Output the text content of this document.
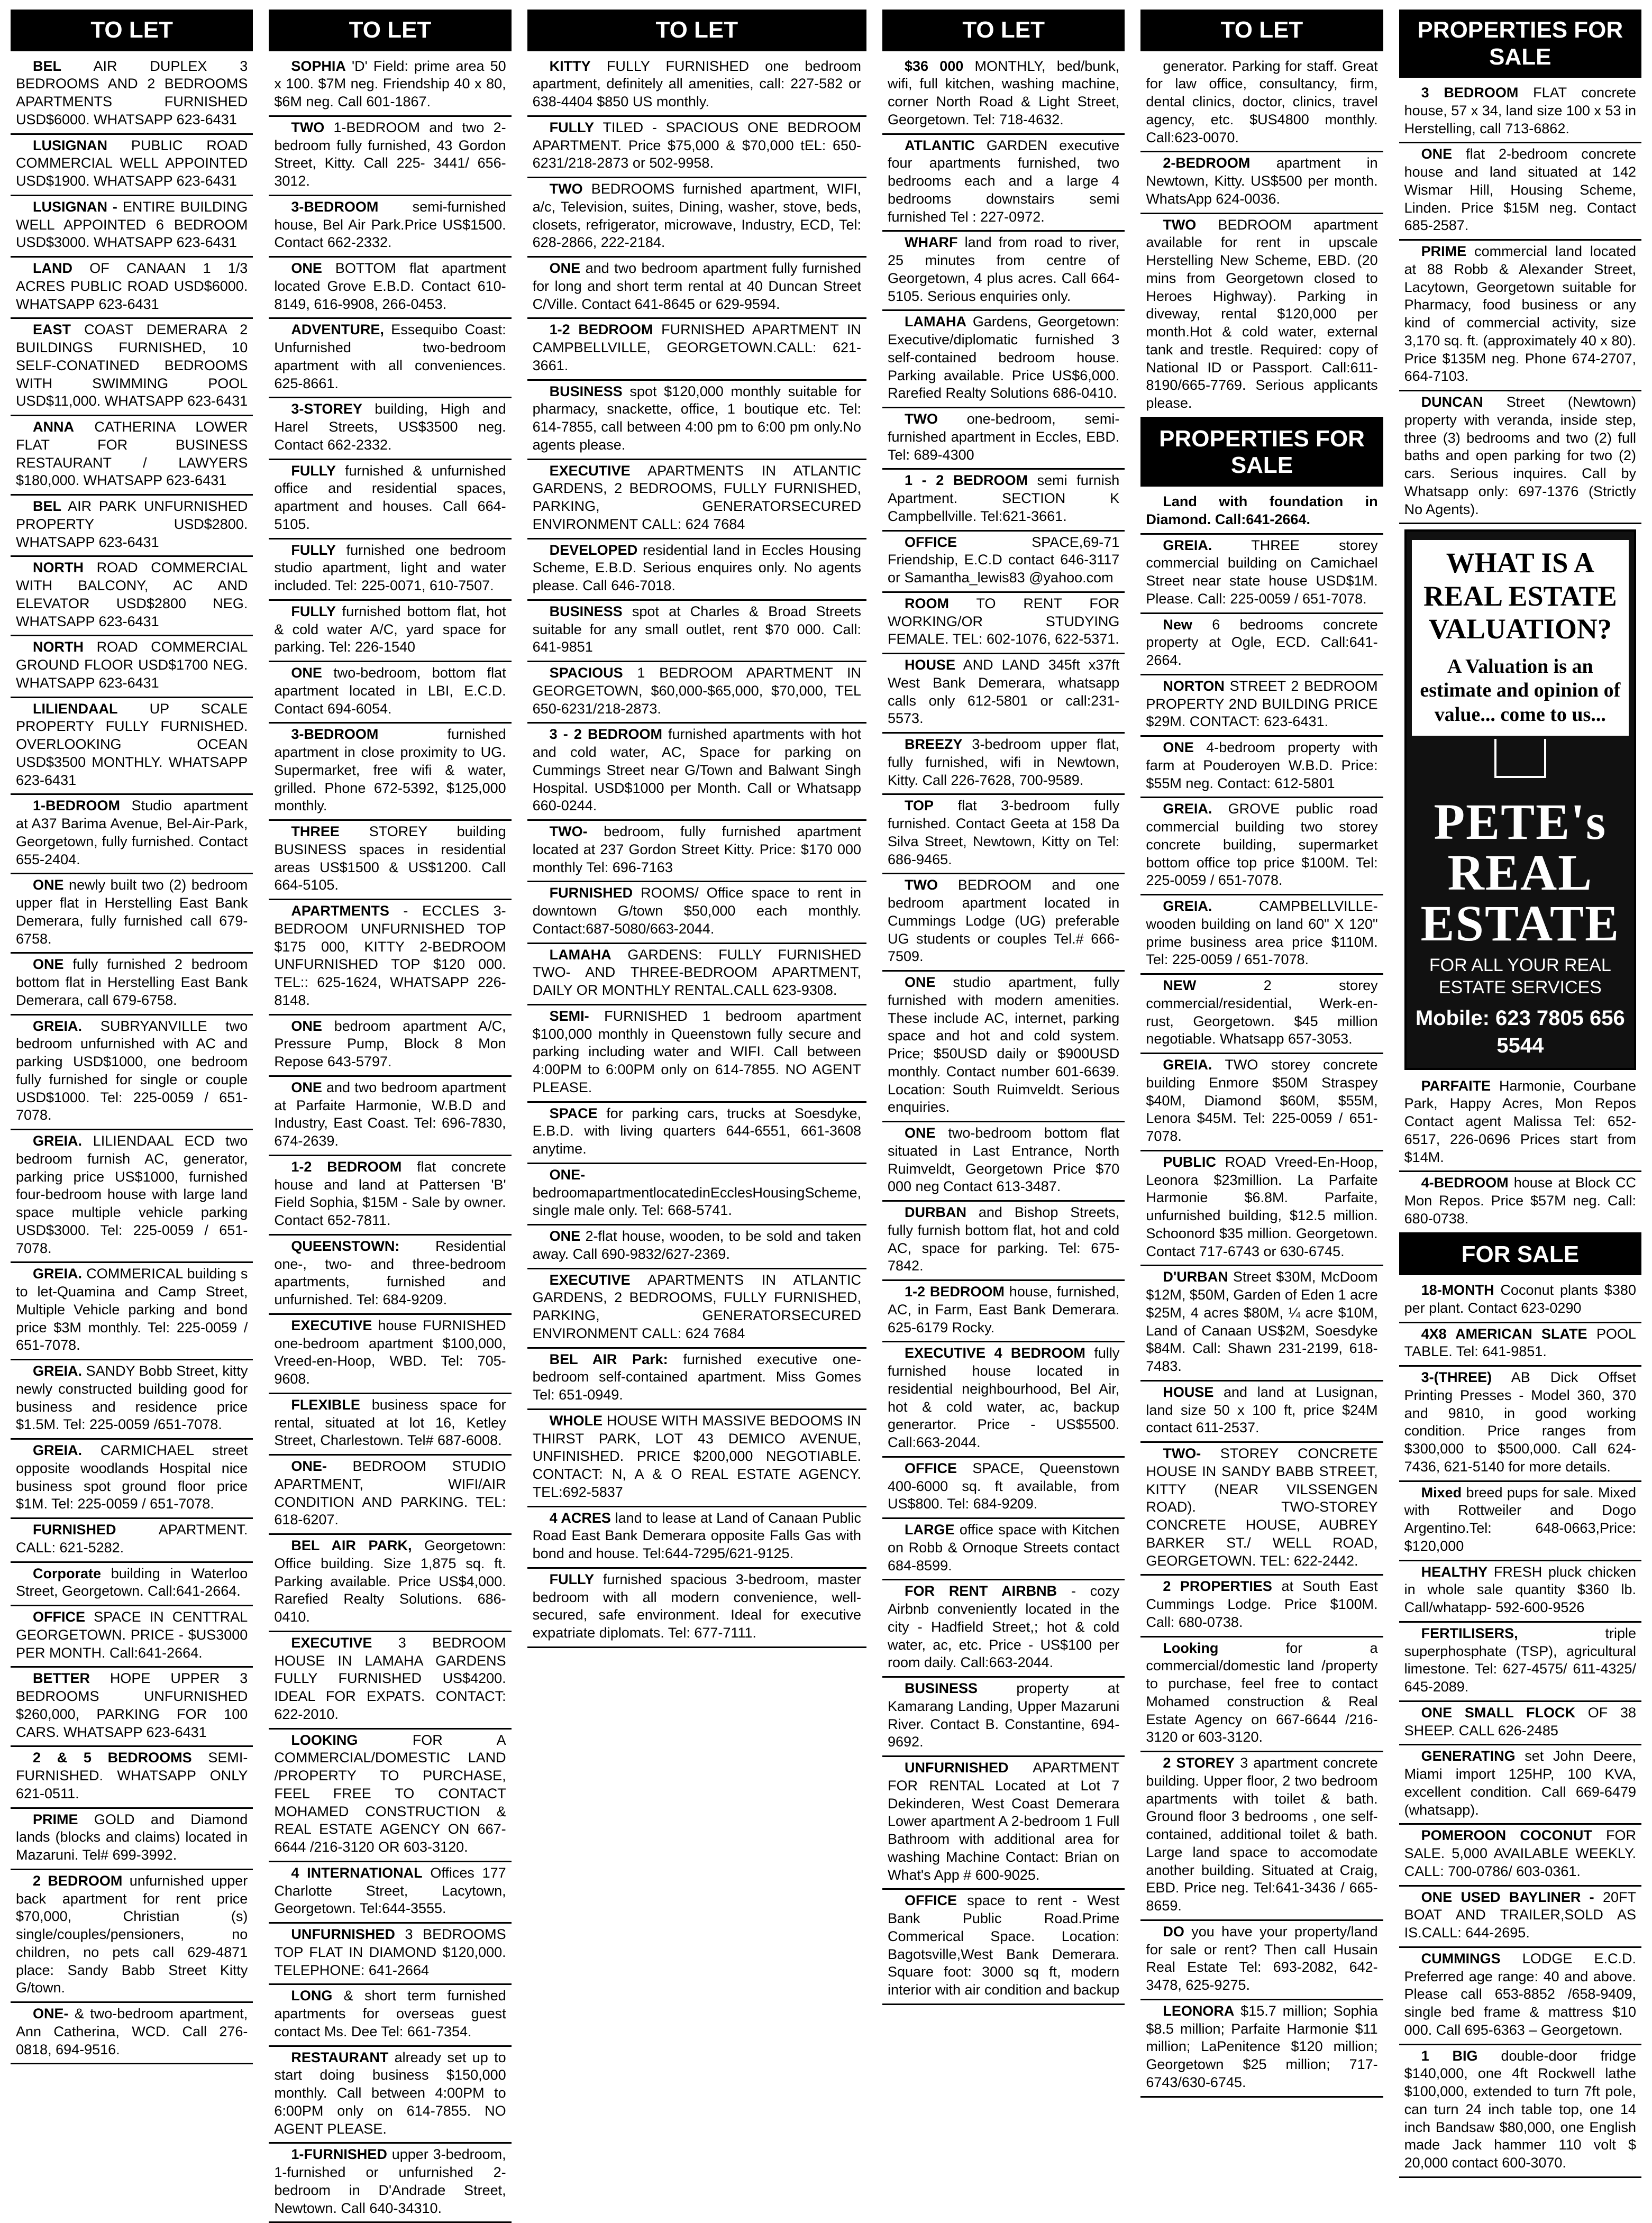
TO LET
BEL AIR DUPLEX 3 BEDROOMS AND 2 BEDROOMS APARTMENTS FURNISHED USD$6000. WHATSAPP 623-6431
LUSIGNAN PUBLIC ROAD COMMERCIAL WELL APPOINTED USD$1900. WHATSAPP 623-6431
LUSIGNAN - ENTIRE BUILDING WELL APPOINTED 6 BEDROOM USD$3000. WHATSAPP 623-6431
LAND OF CANAAN 1 1/3 ACRES PUBLIC ROAD USD$6000. WHATSAPP 623-6431
EAST COAST DEMERARA 2 BUILDINGS FURNISHED, 10 SELF-CONATINED BEDROOMS WITH SWIMMING POOL USD$11,000. WHATSAPP 623-6431
ANNA CATHERINA LOWER FLAT FOR BUSINESS RESTAURANT / LAWYERS $180,000. WHATSAPP 623-6431
BEL AIR PARK UNFURNISHED PROPERTY USD$2800. WHATSAPP 623-6431
NORTH ROAD COMMERCIAL WITH BALCONY, AC AND ELEVATOR USD$2800 NEG. WHATSAPP 623-6431
NORTH ROAD COMMERCIAL GROUND FLOOR USD$1700 NEG. WHATSAPP 623-6431
LILIENDAAL UP SCALE PROPERTY FULLY FURNISHED. OVERLOOKING OCEAN USD$3500 MONTHLY. WHATSAPP 623-6431
1-BEDROOM Studio apartment at A37 Barima Avenue, Bel-Air-Park, Georgetown, fully furnished. Contact 655-2404.
ONE newly built two (2) bedroom upper flat in Herstelling East Bank Demerara, fully furnished call 679-6758.
ONE fully furnished 2 bedroom bottom flat in Herstelling East Bank Demerara, call 679-6758.
GREIA. SUBRYANVILLE two bedroom unfurnished with AC and parking USD$1000, one bedroom fully furnished for single or couple USD$1000. Tel: 225-0059 / 651-7078.
GREIA. LILIENDAAL ECD two bedroom furnish AC, generator, parking price US$1000, furnished four-bedroom house with large land space multiple vehicle parking USD$3000. Tel: 225-0059 / 651-7078.
GREIA. COMMERICAL building s to let-Quamina and Camp Street, Multiple Vehicle parking and bond price $3M monthly. Tel: 225-0059 / 651-7078.
GREIA. SANDY Bobb Street, kitty newly constructed building good for business and residence price $1.5M. Tel: 225-0059 /651-7078.
GREIA. CARMICHAEL street opposite woodlands Hospital nice business spot ground floor price $1M. Tel: 225-0059 / 651-7078.
FURNISHED	APARTMENT. CALL: 621-5282.
Corporate building in Waterloo Street, Georgetown. Call:641-2664.
OFFICE SPACE IN CENTTRAL GEORGETOWN. PRICE - $US3000 PER MONTH. Call:641-2664.
BETTER HOPE UPPER 3 BEDROOMS UNFURNISHED $260,000, PARKING FOR 100 CARS. WHATSAPP 623-6431
2 & 5 BEDROOMS SEMI-FURNISHED. WHATSAPP ONLY 621-0511.
PRIME GOLD and Diamond lands (blocks and claims) located in Mazaruni. Tel# 699-3992.
2 BEDROOM unfurnished upper back apartment for rent price $70,000, Christian (s) single/couples/pensioners, no children, no pets call 629-4871 place: Sandy Babb Street Kitty G/town.
ONE- & two-bedroom apartment, Ann Catherina, WCD. Call 276-0818, 694-9516.
TO LET
SOPHIA 'D' Field: prime area 50 x 100. $7M neg. Friendship 40 x 80, $6M neg. Call 601-1867.
TWO 1-BEDROOM and two 2-bedroom fully furnished, 43 Gordon Street, Kitty. Call 225- 3441/ 656-3012.
3-BEDROOM semi-furnished house, Bel Air Park.Price US$1500. Contact 662-2332.
ONE BOTTOM flat apartment located Grove E.B.D. Contact 610-8149, 616-9908, 266-0453.
ADVENTURE, Essequibo Coast: Unfurnished two-bedroom apartment with all conveniences. 625-8661.
3-STOREY building, High and Harel Streets, US$3500 neg. Contact 662-2332.
FULLY furnished & unfurnished office and residential spaces, apartment and houses. Call 664-5105.
FULLY furnished one bedroom studio apartment, light and water included. Tel: 225-0071, 610-7507.
FULLY furnished bottom flat, hot & cold water A/C, yard space for parking. Tel: 226-1540
ONE two-bedroom, bottom flat apartment located in LBI, E.C.D. Contact 694-6054.
3-BEDROOM	furnished apartment in close proximity to UG. Supermarket, free wifi & water, grilled. Phone 672-5392, $125,000 monthly.
THREE STOREY building BUSINESS spaces in residential areas US$1500 & US$1200. Call 664-5105.
APARTMENTS - ECCLES 3-BEDROOM UNFURNISHED TOP $175 000, KITTY 2-BEDROOM UNFURNISHED TOP $120 000. TEL:: 625-1624, WHATSAPP 226-8148.
ONE bedroom apartment A/C, Pressure Pump, Block 8 Mon Repose 643-5797.
ONE and two bedroom apartment at Parfaite Harmonie, W.B.D and Industry, East Coast. Tel: 696-7830, 674-2639.
1-2 BEDROOM flat concrete house and land at Pattersen 'B' Field Sophia, $15M - Sale by owner. Contact 652-7811.
QUEENSTOWN:	Residential one-, two- and three-bedroom apartments, furnished and unfurnished. Tel: 684-9209.
EXECUTIVE house FURNISHED one-bedroom apartment $100,000, Vreed-en-Hoop, WBD. Tel: 705-9608.
FLEXIBLE business space for rental, situated at lot 16, Ketley Street, Charlestown. Tel# 687-6008.
ONE- BEDROOM STUDIO APARTMENT, WIFI/AIR CONDITION AND PARKING. TEL: 618-6207.
BEL AIR PARK, Georgetown: Office building. Size 1,875 sq. ft. Parking available. Price US$4,000. Rarefied Realty Solutions. 686-0410.
EXECUTIVE 3 BEDROOM HOUSE IN LAMAHA GARDENS FULLY FURNISHED US$4200. IDEAL FOR EXPATS. CONTACT: 622-2010.
LOOKING	FOR A COMMERCIAL/DOMESTIC LAND /PROPERTY TO PURCHASE, FEEL FREE TO CONTACT MOHAMED CONSTRUCTION & REAL ESTATE AGENCY ON 667-6644 /216-3120 OR 603-3120.
4 INTERNATIONAL Offices 177 Charlotte Street, Lacytown, Georgetown. Tel:644-3555.
UNFURNISHED 3 BEDROOMS TOP FLAT IN DIAMOND $120,000. TELEPHONE: 641-2664
LONG & short term furnished apartments for overseas guest contact Ms. Dee Tel: 661-7354.
RESTAURANT already set up to start doing business $150,000 monthly. Call between 4:00PM to 6:00PM only on 614-7855. NO AGENT PLEASE.
1-FURNISHED upper 3-bedroom, 1-furnished or unfurnished 2-bedroom in D'Andrade Street, Newtown. Call 640-34310.
TO LET
KITTY FULLY FURNISHED one bedroom apartment, definitely all amenities, call: 227-582 or 638-4404 $850 US monthly.
FULLY TILED - SPACIOUS ONE BEDROOM APARTMENT. Price $75,000 & $70,000 tEL: 650-6231/218-2873 or 502-9958.
TWO BEDROOMS furnished apartment, WIFI, a/c, Television, suites, Dining, washer, stove, beds, closets, refrigerator, microwave, Industry, ECD, Tel: 628-2866, 222-2184.
ONE and two bedroom apartment fully furnished for long and short term rental at 40 Duncan Street C/Ville. Contact 641-8645 or 629-9594.
1-2 BEDROOM FURNISHED APARTMENT IN CAMPBELLVILLE, GEORGETOWN.CALL: 621-3661.
BUSINESS spot $120,000 monthly suitable for pharmacy, snackette, office, 1 boutique etc. Tel: 614-7855, call between 4:00 pm to 6:00 pm only.No agents please.
EXECUTIVE APARTMENTS IN ATLANTIC GARDENS, 2 BEDROOMS, FULLY FURNISHED, PARKING, GENERATORSECURED ENVIRONMENT CALL: 624 7684
DEVELOPED residential land in Eccles Housing Scheme, E.B.D. Serious enquires only. No agents please. Call 646-7018.
BUSINESS spot at Charles & Broad Streets suitable for any small outlet, rent $70 000. Call: 641-9851
SPACIOUS 1 BEDROOM APARTMENT IN GEORGETOWN, $60,000-$65,000, $70,000, TEL 650-6231/218-2873.
3 - 2 BEDROOM furnished apartments with hot and cold water, AC, Space for parking on Cummings Street near G/Town and Balwant Singh Hospital. USD$1000 per Month. Call or Whatsapp 660-0244.
TWO- bedroom, fully furnished apartment located at 237 Gordon Street Kitty. Price: $170 000 monthly Tel: 696-7163
FURNISHED ROOMS/ Office space to rent in downtown G/town $50,000 each monthly. Contact:687-5080/663-2044.
LAMAHA GARDENS: FULLY FURNISHED TWO- AND THREE-BEDROOM APARTMENT, DAILY OR MONTHLY RENTAL.CALL 623-9308.
SEMI- FURNISHED 1 bedroom apartment $100,000 monthly in Queenstown fully secure and parking including water and WIFI. Call between 4:00PM to 6:00PM only on 614-7855. NO AGENT PLEASE.
SPACE for parking cars, trucks at Soesdyke, E.B.D. with living quarters 644-6551, 661-3608 anytime.
ONE- bedroomapartmentlocatedinEcclesHousingScheme, single male only. Tel: 668-5741.
ONE 2-flat house, wooden, to be sold and taken away. Call 690-9832/627-2369.
EXECUTIVE APARTMENTS IN ATLANTIC GARDENS, 2 BEDROOMS, FULLY FURNISHED, PARKING, GENERATORSECURED ENVIRONMENT CALL: 624 7684
BEL AIR Park: furnished executive one-bedroom self-contained apartment. Miss Gomes Tel: 651-0949.
WHOLE HOUSE WITH MASSIVE BEDOOMS IN THIRST PARK, LOT 43 DEMICO AVENUE, UNFINISHED. PRICE $200,000 NEGOTIABLE. CONTACT: N, A & O REAL ESTATE AGENCY. TEL:692-5837
4 ACRES land to lease at Land of Canaan Public Road East Bank Demerara opposite Falls Gas with bond and house. Tel:644-7295/621-9125.
FULLY furnished spacious 3-bedroom, master bedroom with all modern convenience, well-secured, safe environment. Ideal for executive expatriate diplomats. Tel: 677-7111.
TO LET
$36 000 MONTHLY, bed/bunk, wifi, full kitchen, washing machine, corner North Road & Light Street, Georgetown. Tel: 718-4632.
ATLANTIC GARDEN executive four apartments furnished, two bedrooms each and a large 4 bedrooms downstairs semi furnished Tel : 227-0972.
WHARF land from road to river, 25 minutes from centre of Georgetown, 4 plus acres. Call 664-5105. Serious enquiries only.
LAMAHA Gardens, Georgetown: Executive/diplomatic furnished 3 self-contained bedroom house. Parking available. Price US$6,000. Rarefied Realty Solutions 686-0410.
TWO one-bedroom, semi-furnished apartment in Eccles, EBD. Tel: 689-4300
1 - 2 BEDROOM semi furnish Apartment. SECTION K Campbellville. Tel:621-3661.
OFFICE	SPACE,69-71 Friendship, E.C.D contact 646-3117 or Samantha_lewis83 @yahoo.com
ROOM TO RENT FOR WORKING/OR STUDYING FEMALE. TEL: 602-1076, 622-5371.
HOUSE AND LAND 345ft x37ft West Bank Demerara, whatsapp calls only 612-5801 or call:231-5573.
BREEZY 3-bedroom upper flat, fully furnished, wifi in Newtown, Kitty. Call 226-7628, 700-9589.
TOP flat 3-bedroom fully furnished. Contact Geeta at 158 Da Silva Street, Newtown, Kitty on Tel: 686-9465.
TWO BEDROOM and one bedroom apartment located in Cummings Lodge (UG) preferable UG students or couples Tel.# 666-7509.
ONE studio apartment, fully furnished with modern amenities. These include AC, internet, parking space and hot and cold system. Price; $50USD daily or $900USD monthly. Contact number 601-6639. Location: South Ruimveldt. Serious enquiries.
ONE two-bedroom bottom flat situated in Last Entrance, North Ruimveldt, Georgetown Price $70 000 neg Contact 613-3487.
DURBAN and Bishop Streets, fully furnish bottom flat, hot and cold AC, space for parking. Tel: 675-7842.
1-2 BEDROOM house, furnished, AC, in Farm, East Bank Demerara. 625-6179 Rocky.
EXECUTIVE 4 BEDROOM fully furnished house located in residential neighbourhood, Bel Air, hot & cold water, ac, backup generartor. Price - US$5500. Call:663-2044.
OFFICE SPACE, Queenstown 400-6000 sq. ft available, from US$800. Tel: 684-9209.
LARGE office space with Kitchen on Robb & Ornoque Streets contact 684-8599.
FOR RENT AIRBNB - cozy Airbnb conveniently located in the city - Hadfield Street,; hot & cold water, ac, etc. Price - US$100 per room daily. Call:663-2044.
BUSINESS	property at Kamarang Landing, Upper Mazaruni River. Contact B. Constantine, 694-9692.
UNFURNISHED APARTMENT FOR RENTAL Located at Lot 7 Dekinderen, West Coast Demerara Lower apartment A 2-bedroom 1 Full Bathroom with additional area for washing Machine Contact: Brian on What's App # 600-9025.
OFFICE space to rent - West Bank Public Road.Prime Commerical Space. Location: Bagotsville,West Bank Demerara. Square foot: 3000 sq ft, modern interior with air condition and backup
TO LET
generator. Parking for staff. Great for law office, consultancy, firm, dental clinics, doctor, clinics, travel agency, etc. $US4800 monthly. Call:623-0070.
2-BEDROOM apartment in Newtown, Kitty. US$500 per month. WhatsApp 624-0036.
TWO BEDROOM apartment available for rent in upscale Herstelling New Scheme, EBD. (20 mins from Georgetown closed to Heroes Highway). Parking in diveway, rental $120,000 per month.Hot & cold water, external tank and trestle. Required: copy of National ID or Passport. Call:611-8190/665-7769. Serious applicants please.
PROPERTIES FOR SALE
Land with foundation in Diamond. Call:641-2664.
GREIA.	THREE storey commercial building on Camichael Street near state house USD$1M. Please. Call: 225-0059 / 651-7078.
New 6 bedrooms concrete property at Ogle, ECD. Call:641-2664.
NORTON STREET 2 BEDROOM PROPERTY 2ND BUILDING PRICE $29M. CONTACT: 623-6431.
ONE 4-bedroom property with farm at Pouderoyen W.B.D. Price: $55M neg. Contact: 612-5801
GREIA. GROVE public road commercial building two storey concrete building, supermarket bottom office top price $100M. Tel: 225-0059 / 651-7078.
GREIA.	CAMPBELLVILLE-wooden building on land 60" X 120" prime business area price $110M. Tel: 225-0059 / 651-7078.
NEW	2 storey commercial/residential, Werk-en-rust, Georgetown. $45 million negotiable. Whatsapp 657-3053.
GREIA. TWO storey concrete building Enmore $50M Straspey $40M, Diamond $60M, $55M, Lenora $45M. Tel: 225-0059 / 651-7078.
PUBLIC ROAD Vreed-En-Hoop, Leonora $23million. La Parfaite Harmonie $6.8M. Parfaite, unfurnished building, $12.5 million. Schoonord $35 million. Georgetown. Contact 717-6743 or 630-6745.
D'URBAN Street $30M, McDoom $12M, $50M, Garden of Eden 1 acre $25M, 4 acres $80M, ¼ acre $10M, Land of Canaan US$2M, Soesdyke $84M. Call: Shawn 231-2199, 618-7483.
HOUSE and land at Lusignan, land size 50 x 100 ft, price $24M contact 611-2537.
TWO- STOREY CONCRETE HOUSE IN SANDY BABB STREET, KITTY (NEAR VILSSENGEN ROAD). TWO-STOREY CONCRETE HOUSE, AUBREY BARKER ST./ WELL ROAD, GEORGETOWN. TEL: 622-2442.
2 PROPERTIES at South East Cummings Lodge. Price $100M. Call: 680-0738.
Looking	for a commercial/domestic land /property to purchase, feel free to contact Mohamed construction & Real Estate Agency on 667-6644 /216-3120 or 603-3120.
2 STOREY 3 apartment concrete building. Upper floor, 2 two bedroom apartments with toilet & bath. Ground floor 3 bedrooms , one self-contained, additional toilet & bath. Large land space to accomodate another building. Situated at Craig, EBD. Price neg. Tel:641-3436 / 665-8659.
DO you have your property/land for sale or rent? Then call Husain Real Estate Tel: 693-2082, 642-3478, 625-9275.
LEONORA $15.7 million; Sophia $8.5 million; Parfaite Harmonie $11 million; LaPenitence $120 million; Georgetown $25 million; 717-6743/630-6745.
PROPERTIES FOR SALE
3 BEDROOM FLAT concrete house, 57 x 34, land size 100 x 53 in Herstelling, call 713-6862.
ONE flat 2-bedroom concrete house and land situated at 142 Wismar Hill, Housing Scheme, Linden. Price $15M neg. Contact 685-2587.
PRIME commercial land located at 88 Robb & Alexander Street, Lacytown, Georgetown suitable for Pharmacy, food business or any kind of commercial activity, size 3,170 sq. ft. (approximately 40 x 80). Price $135M neg. Phone 674-2707, 664-7103.
DUNCAN Street (Newtown) property with veranda, inside step, three (3) bedrooms and two (2) full baths and open parking for two (2) cars. Serious inquires. Call by Whatsapp only: 697-1376 (Strictly No Agents).
WHAT IS A REAL ESTATE VALUATION?
A Valuation is an estimate and opinion of value... come to us...
PETE's REAL ESTATE
FOR ALL YOUR REAL ESTATE SERVICES
Mobile: 623 7805 656 5544
PARFAITE Harmonie, Courbane Park, Happy Acres, Mon Repos Contact agent Malissa Tel: 652-6517, 226-0696 Prices start from $14M.
4-BEDROOM house at Block CC Mon Repos. Price $57M neg. Call: 680-0738.
FOR SALE
18-MONTH Coconut plants $380 per plant. Contact 623-0290
4X8 AMERICAN SLATE POOL TABLE. Tel: 641-9851.
3-(THREE) AB Dick Offset Printing Presses - Model 360, 370 and 9810, in good working condition. Price ranges from $300,000 to $500,000. Call 624-7436, 621-5140 for more details.
Mixed breed pups for sale. Mixed with Rottweiler and Dogo Argentino.Tel: 648-0663,Price: $120,000
HEALTHY FRESH pluck chicken in whole sale quantity $360 lb. Call/whatapp- 592-600-9526
FERTILISERS,	triple superphosphate (TSP), agricultural limestone. Tel: 627-4575/ 611-4325/ 645-2089.
ONE SMALL FLOCK OF 38 SHEEP. CALL 626-2485
GENERATING set John Deere, Miami import 125HP, 100 KVA, excellent condition. Call 669-6479 (whatsapp).
POMEROON COCONUT FOR SALE. 5,000 AVAILABLE WEEKLY. CALL: 700-0786/ 603-0361.
ONE USED BAYLINER - 20FT BOAT AND TRAILER,SOLD AS IS.CALL: 644-2695.
CUMMINGS LODGE E.C.D. Preferred age range: 40 and above. Please call 653-8852 /658-9409, single bed frame & mattress $10 000. Call 695-6363 – Georgetown.
1 BIG double-door fridge $140,000, one 4ft Rockwell lathe $100,000, extended to turn 7ft pole, can turn 24 inch table top, one 14 inch Bandsaw $80,000, one English made Jack hammer 110 volt $ 20,000 contact 600-3070.
